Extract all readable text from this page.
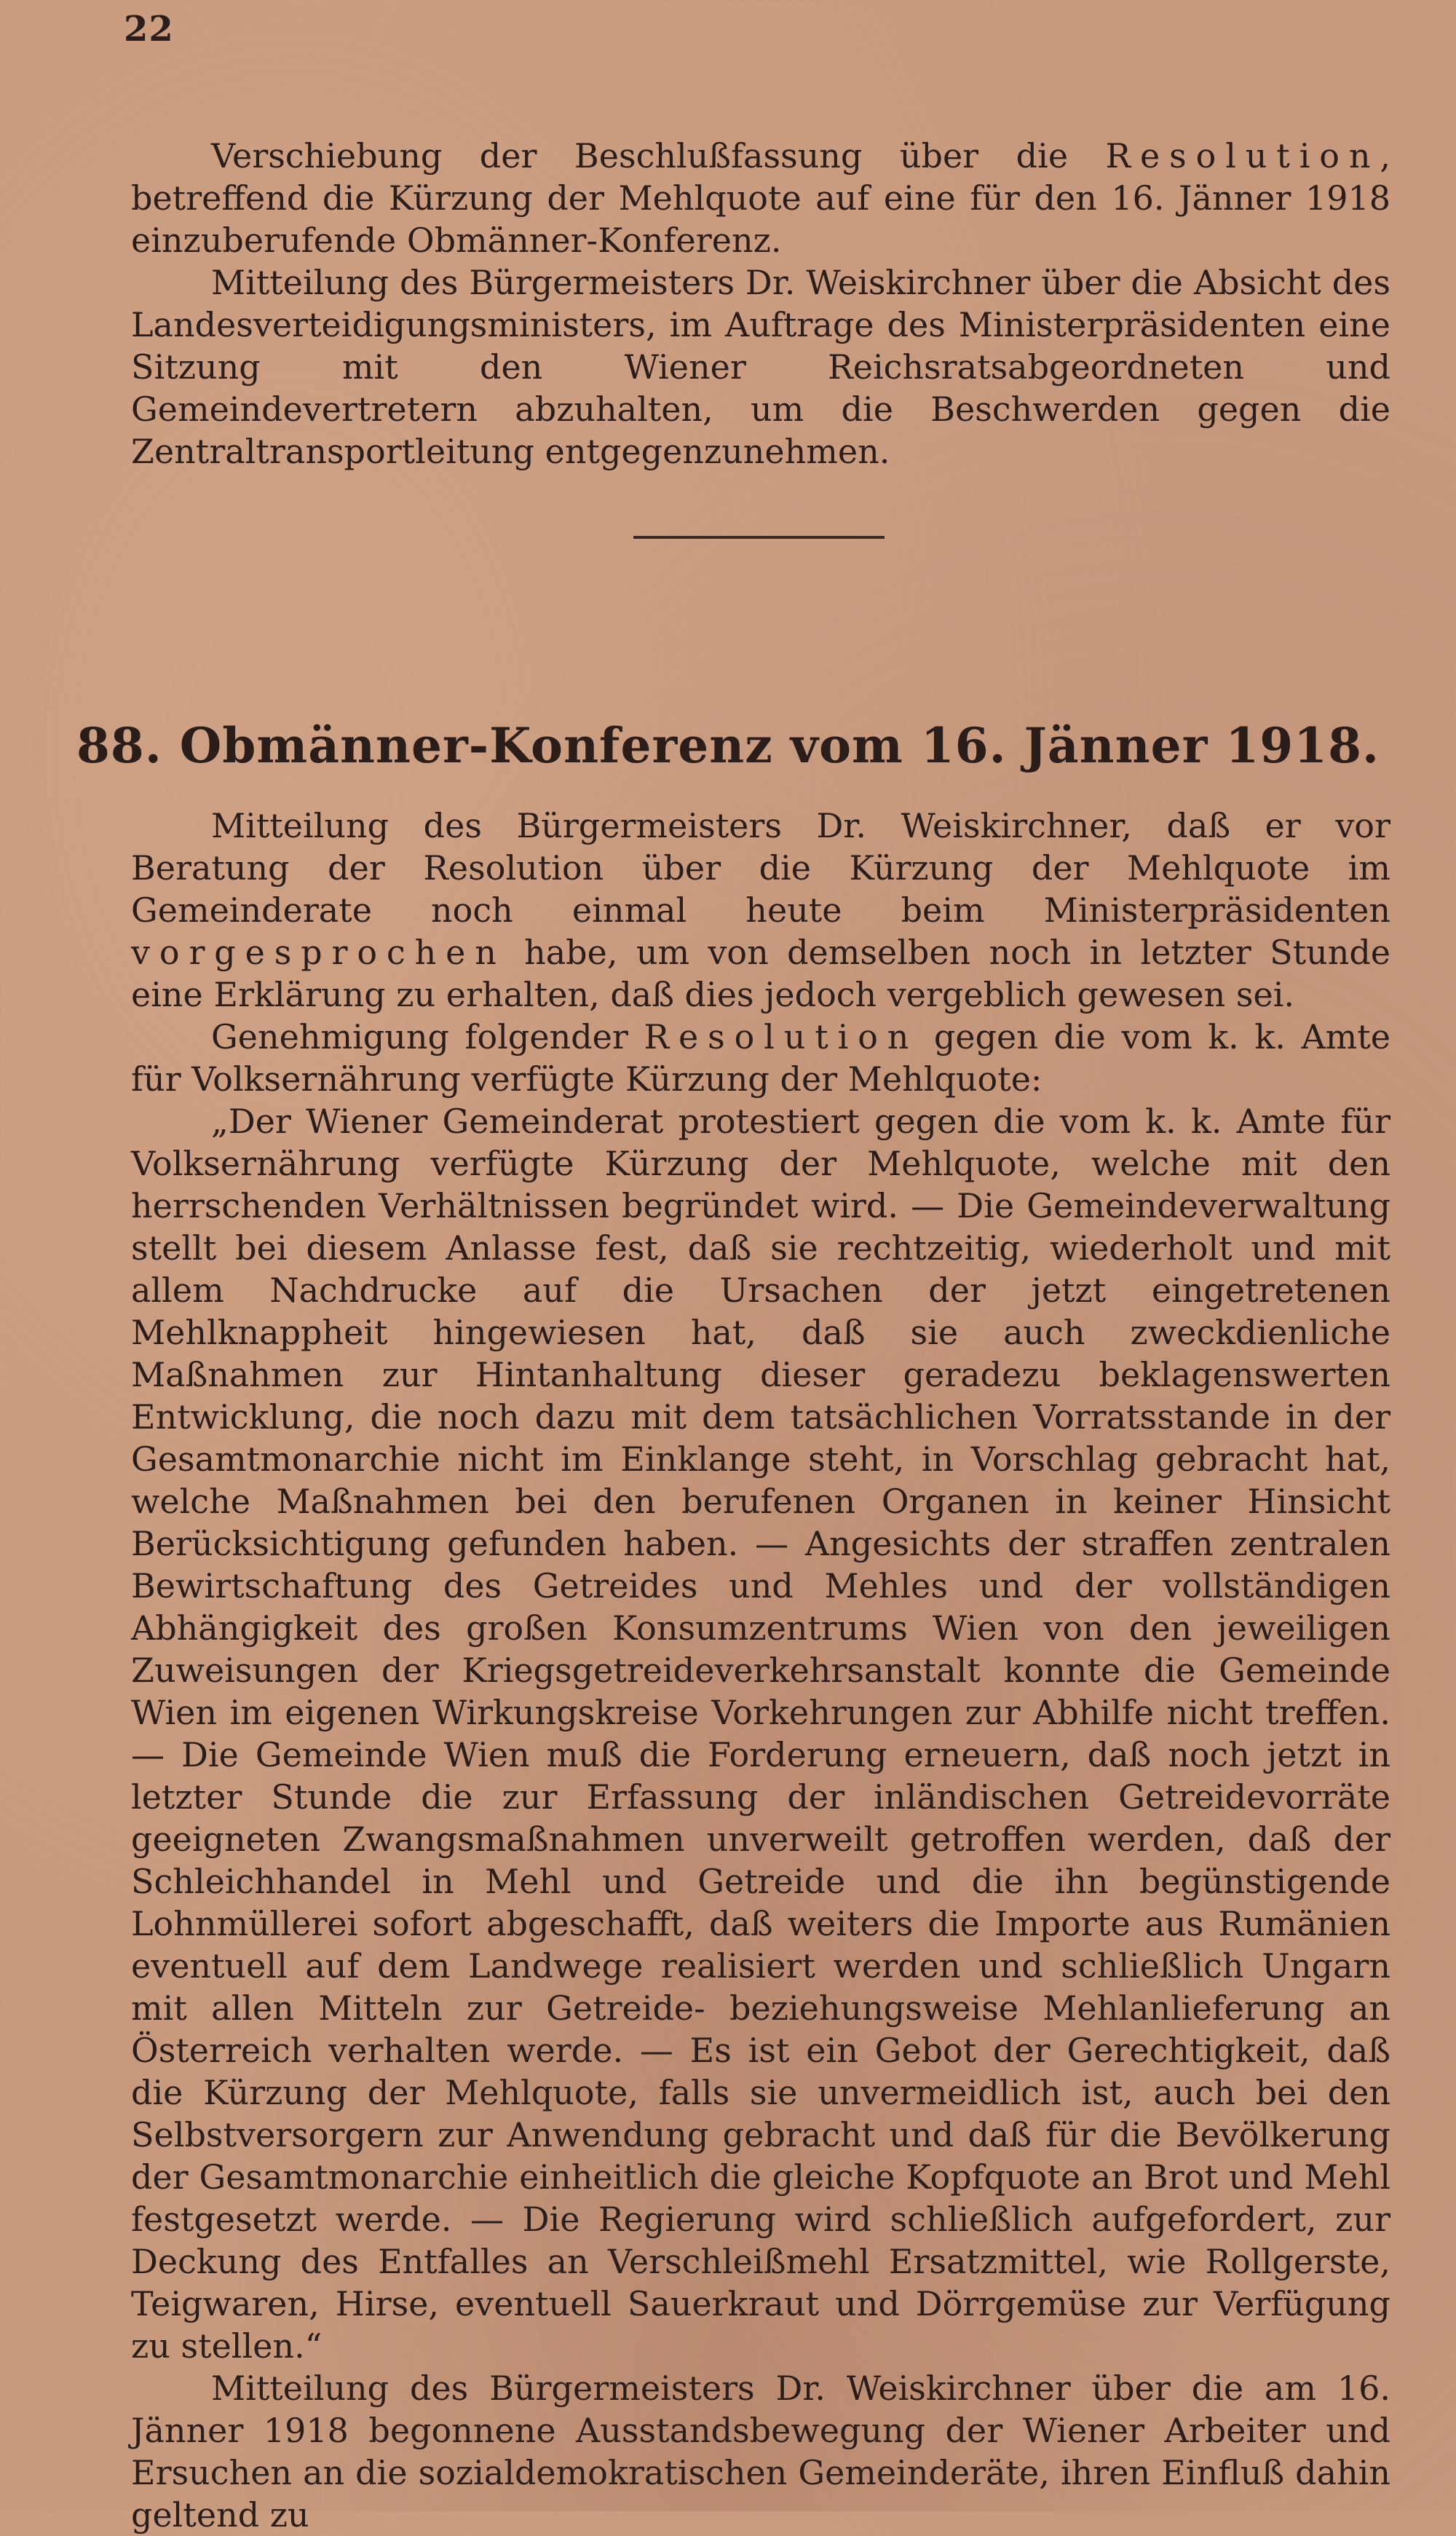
22

Verschiebung der Beschlußfassung über die Resolution, betreffend die Kürzung der Mehlquote auf eine für den 16. Jänner 1918 einzuberufende Obmänner-Konferenz.

Mitteilung des Bürgermeisters Dr. Weiskirchner über die Absicht des Landesverteidigungsministers, im Auftrage des Ministerpräsidenten eine Sitzung mit den Wiener Reichsratsabgeordneten und Gemeindevertretern abzuhalten, um die Beschwerden gegen die Zentraltransportleitung entgegenzunehmen.

88. Obmänner-Konferenz vom 16. Jänner 1918.

Mitteilung des Bürgermeisters Dr. Weiskirchner, daß er vor Beratung der Resolution über die Kürzung der Mehlquote im Gemeinderate noch einmal heute beim Ministerpräsidenten vorgesprochen habe, um von demselben noch in letzter Stunde eine Erklärung zu erhalten, daß dies jedoch vergeblich gewesen sei.

Genehmigung folgender Resolution gegen die vom k. k. Amte für Volksernährung verfügte Kürzung der Mehlquote:

„Der Wiener Gemeinderat protestiert gegen die vom k. k. Amte für Volksernährung verfügte Kürzung der Mehlquote, welche mit den herrschenden Verhältnissen begründet wird. — Die Gemeindeverwaltung stellt bei diesem Anlasse fest, daß sie rechtzeitig, wiederholt und mit allem Nachdrucke auf die Ursachen der jetzt eingetretenen Mehlknappheit hingewiesen hat, daß sie auch zweckdienliche Maßnahmen zur Hintanhaltung dieser geradezu beklagenswerten Entwicklung, die noch dazu mit dem tatsächlichen Vorratsstande in der Gesamtmonarchie nicht im Einklange steht, in Vorschlag gebracht hat, welche Maßnahmen bei den berufenen Organen in keiner Hinsicht Berücksichtigung gefunden haben. — Angesichts der straffen zentralen Bewirtschaftung des Getreides und Mehles und der vollständigen Abhängigkeit des großen Konsumzentrums Wien von den jeweiligen Zuweisungen der Kriegsgetreideverkehrsanstalt konnte die Gemeinde Wien im eigenen Wirkungskreise Vorkehrungen zur Abhilfe nicht treffen. — Die Gemeinde Wien muß die Forderung erneuern, daß noch jetzt in letzter Stunde die zur Erfassung der inländischen Getreidevorräte geeigneten Zwangsmaßnahmen unverweilt getroffen werden, daß der Schleichhandel in Mehl und Getreide und die ihn begünstigende Lohnmüllerei sofort abgeschafft, daß weiters die Importe aus Rumänien eventuell auf dem Landwege realisiert werden und schließlich Ungarn mit allen Mitteln zur Getreide- beziehungsweise Mehlanlieferung an Österreich verhalten werde. — Es ist ein Gebot der Gerechtigkeit, daß die Kürzung der Mehlquote, falls sie unvermeidlich ist, auch bei den Selbstversorgern zur Anwendung gebracht und daß für die Bevölkerung der Gesamtmonarchie einheitlich die gleiche Kopfquote an Brot und Mehl festgesetzt werde. — Die Regierung wird schließlich aufgefordert, zur Deckung des Entfalles an Verschleißmehl Ersatzmittel, wie Rollgerste, Teigwaren, Hirse, eventuell Sauerkraut und Dörrgemüse zur Verfügung zu stellen.“

Mitteilung des Bürgermeisters Dr. Weiskirchner über die am 16. Jänner 1918 begonnene Ausstandsbewegung der Wiener Arbeiter und Ersuchen an die sozialdemokratischen Gemeinderäte, ihren Einfluß dahin geltend zu
